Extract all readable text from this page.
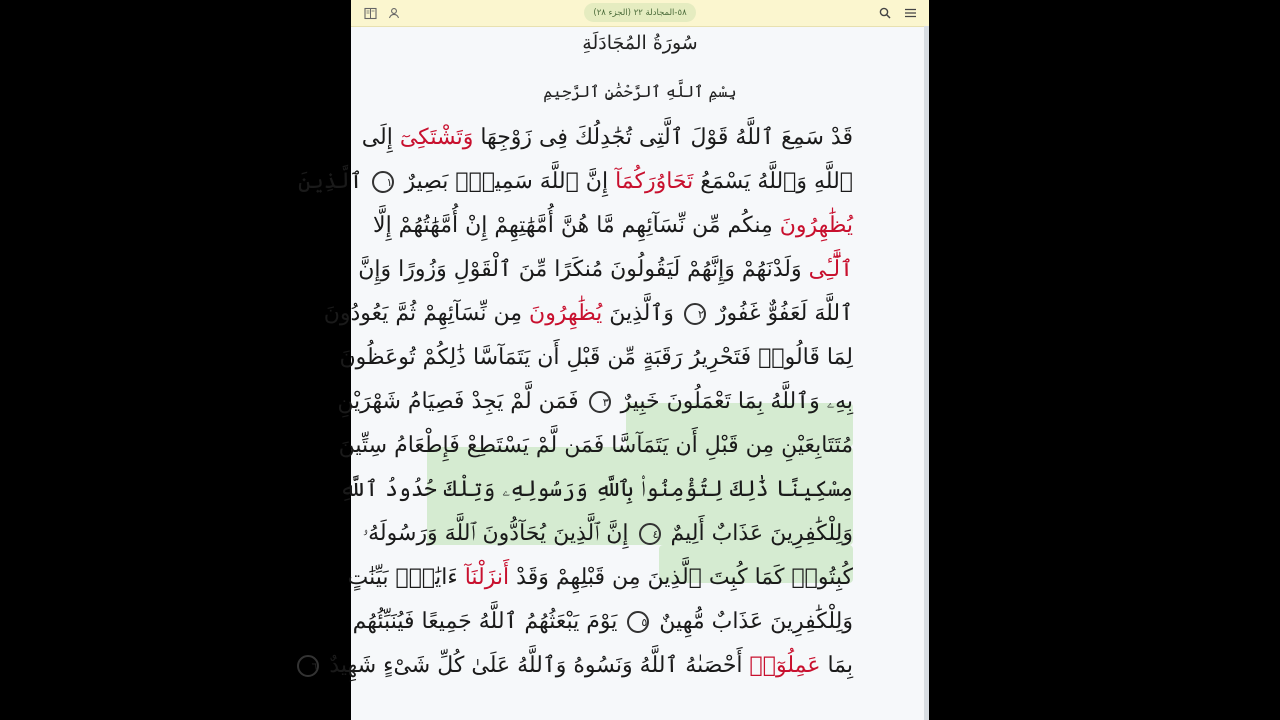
٥٨-المجادلة ٢٢ (الجزء ٢٨)
سُورَةُ المُجَادَلَةِ
بِسْمِ ٱللَّهِ ٱلرَّحْمَٰنِ ٱلرَّحِيمِ
قَدْ سَمِعَ ٱللَّهُ قَوْلَ ٱلَّتِى تُجَٰدِلُكَ فِى زَوْجِهَا وَتَشْتَكِىٓ إِلَى
ٱللَّهِ وَٱللَّهُ يَسْمَعُ تَحَاوُرَكُمَآ إِنَّ ٱللَّهَ سَمِيعٌۢ بَصِيرٌ ١ ٱلَّذِينَ
يُظَٰهِرُونَ مِنكُم مِّن نِّسَآئِهِم مَّا هُنَّ أُمَّهَٰتِهِمْ إِنْ أُمَّهَٰتُهُمْ إِلَّا
ٱلَّٰٓـِٔى وَلَدْنَهُمْ وَإِنَّهُمْ لَيَقُولُونَ مُنكَرًا مِّنَ ٱلْقَوْلِ وَزُورًا وَإِنَّ
ٱللَّهَ لَعَفُوٌّ غَفُورٌ ٢ وَٱلَّذِينَ يُظَٰهِرُونَ مِن نِّسَآئِهِمْ ثُمَّ يَعُودُونَ
لِمَا قَالُوا۟ فَتَحْرِيرُ رَقَبَةٍ مِّن قَبْلِ أَن يَتَمَآسَّا ذَٰلِكُمْ تُوعَظُونَ
بِهِۦ وَٱللَّهُ بِمَا تَعْمَلُونَ خَبِيرٌ ٣ فَمَن لَّمْ يَجِدْ فَصِيَامُ شَهْرَيْنِ
مُتَتَابِعَيْنِ مِن قَبْلِ أَن يَتَمَآسَّا فَمَن لَّمْ يَسْتَطِعْ فَإِطْعَامُ سِتِّينَ
مِسْكِينًا ذَٰلِكَ لِتُؤْمِنُوا۟ بِٱللَّهِ وَرَسُولِهِۦ وَتِلْكَ حُدُودُ ٱللَّهِ
وَلِلْكَٰفِرِينَ عَذَابٌ أَلِيمٌ ٤ إِنَّ ٱلَّذِينَ يُحَآدُّونَ ٱللَّهَ وَرَسُولَهُۥ
كُبِتُوا۟ كَمَا كُبِتَ ٱلَّذِينَ مِن قَبْلِهِمْ وَقَدْ أَنزَلْنَآ ءَايَٰتٍۭ بَيِّنَٰتٍ
وَلِلْكَٰفِرِينَ عَذَابٌ مُّهِينٌ ٥ يَوْمَ يَبْعَثُهُمُ ٱللَّهُ جَمِيعًا فَيُنَبِّئُهُم
بِمَا عَمِلُوٓا۟ أَحْصَىٰهُ ٱللَّهُ وَنَسُوهُ وَٱللَّهُ عَلَىٰ كُلِّ شَىْءٍ شَهِيدٌ ٦
